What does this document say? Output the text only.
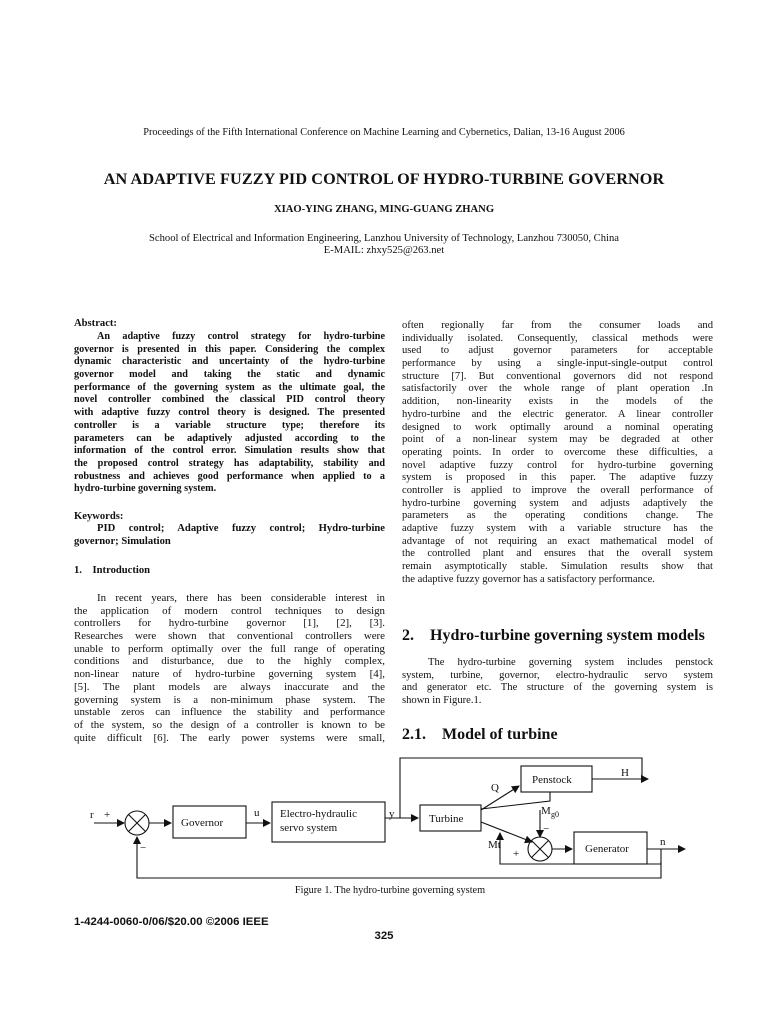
Proceedings of the Fifth International Conference on Machine Learning and Cybernetics, Dalian, 13-16 August 2006
AN ADAPTIVE FUZZY PID CONTROL OF HYDRO-TURBINE GOVERNOR
XIAO-YING ZHANG, MING-GUANG ZHANG
School of Electrical and Information Engineering, Lanzhou University of Technology, Lanzhou 730050, China
E-MAIL: zhxy525@263.net
Abstract:
An adaptive fuzzy control strategy for hydro-turbine
governor is presented in this paper. Considering the complex
dynamic characteristic and uncertainty of the hydro-turbine
governor model and taking the static and dynamic
performance of the governing system as the ultimate goal, the
novel controller combined the classical PID control theory
with adaptive fuzzy control theory is designed. The presented
controller is a variable structure type; therefore its
parameters can be adaptively adjusted according to the
information of the control error. Simulation results show that
the proposed control strategy has adaptability, stability and
robustness and achieves good performance when applied to a
hydro-turbine governing system.
Keywords:
PID control; Adaptive fuzzy control; Hydro-turbine
governor; Simulation
1.    Introduction
In recent years, there has been considerable interest in
the application of modern control techniques to design
controllers for hydro-turbine governor [1], [2], [3].
Researches were shown that conventional controllers were
unable to perform optimally over the full range of operating
conditions and disturbance, due to the highly complex,
non-linear nature of hydro-turbine governing system [4],
[5]. The plant models are always inaccurate and the
governing system is a non-minimum phase system. The
unstable zeros can influence the stability and performance
of the system, so the design of a controller is known to be
quite difficult [6]. The early power systems were small,
often regionally far from the consumer loads and
individually isolated. Consequently, classical methods were
used to adjust governor parameters for acceptable
performance by using a single-input-single-output control
structure [7]. But conventional governors did not respond
satisfactorily over the whole range of plant operation .In
addition, non-linearity exists in the models of the
hydro-turbine and the electric generator. A linear controller
designed to work optimally around a nominal operating
point of a non-linear system may be degraded at other
operating points. In order to overcome these difficulties, a
novel adaptive fuzzy control for hydro-turbine governing
system is proposed in this paper. The adaptive fuzzy
controller is applied to improve the overall performance of
hydro-turbine governing system and adjusts adaptively the
parameters as the operating conditions change. The
adaptive fuzzy system with a variable structure has the
advantage of not requiring an exact mathematical model of
the controlled plant and ensures that the overall system
remain asymptotically stable. Simulation results show that
the adaptive fuzzy governor has a satisfactory performance.
2.    Hydro-turbine governing system models
The hydro-turbine governing system includes penstock
system, turbine, governor, electro-hydraulic servo system
and generator etc. The structure of the governing system is
shown in Figure.1.
2.1.    Model of turbine
r +
−
Governor
u Electro-hydraulic
servo system
y	Turbine
Q
Penstock
H
M g0
−
Mt
+	Generator
n
Figure 1. The hydro-turbine governing system
1-4244-0060-0/06/$20.00 ©2006 IEEE
325
